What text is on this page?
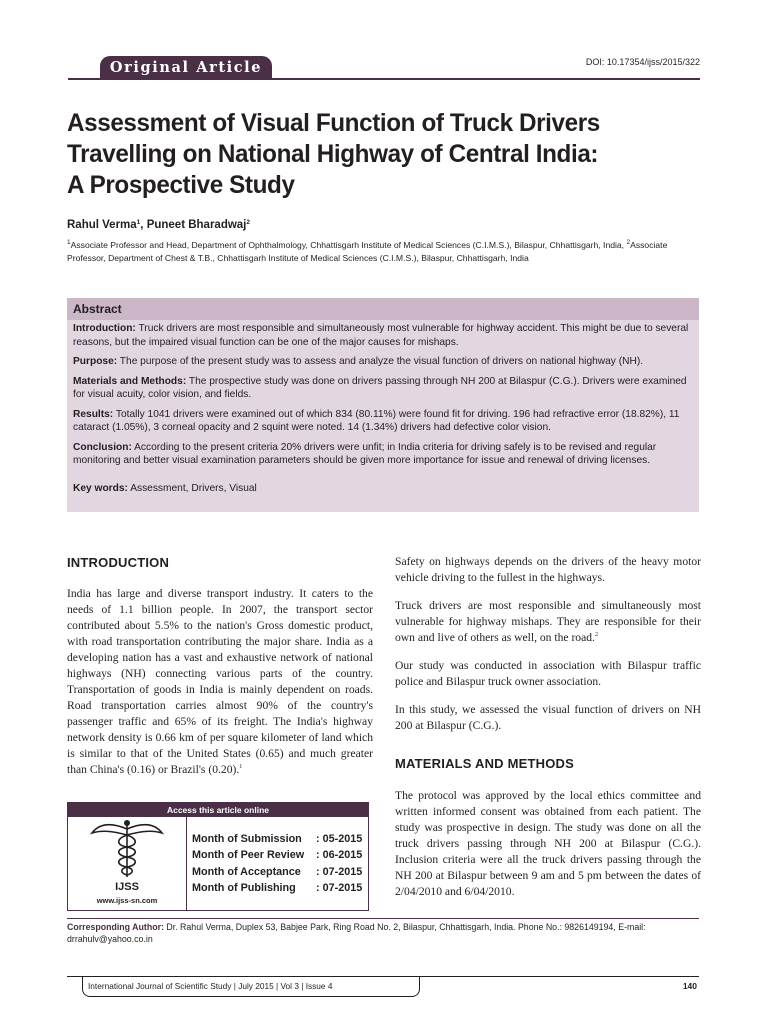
Original Article	DOI: 10.17354/ijss/2015/322
Assessment of Visual Function of Truck Drivers
Travelling on National Highway of Central India:
A Prospective Study
Rahul Verma$^1$, Puneet Bharadwaj$^2$
$^1$Associate Professor and Head, Department of Ophthalmology, Chhattisgarh Institute of Medical Sciences (C.I.M.S.), Bilaspur, Chhattisgarh, India, $^2$Associate Professor, Department of Chest & T.B., Chhattisgarh Institute of Medical Sciences (C.I.M.S.), Bilaspur, Chhattisgarh, India
Abstract

Introduction: Truck drivers are most responsible and simultaneously most vulnerable for highway accident. This might be due to several reasons, but the impaired visual function can be one of the major causes for mishaps.

Purpose: The purpose of the present study was to assess and analyze the visual function of drivers on national highway (NH).

Materials and Methods: The prospective study was done on drivers passing through NH 200 at Bilaspur (C.G.). Drivers were examined for visual acuity, color vision, and fields.

Results: Totally 1041 drivers were examined out of which 834 (80.11%) were found fit for driving. 196 had refractive error (18.82%), 11 cataract (1.05%), 3 corneal opacity and 2 squint were noted. 14 (1.34%) drivers had defective color vision.

Conclusion: According to the present criteria 20% drivers were unfit; in India criteria for driving safely is to be revised and regular monitoring and better visual examination parameters should be given more importance for issue and renewal of driving licenses.

Key words: Assessment, Drivers, Visual

INTRODUCTION

India has large and diverse transport industry. It caters to the needs of 1.1 billion people. In 2007, the transport sector contributed about 5.5% to the nation's Gross domestic product, with road transportation contributing the major share. India as a developing nation has a vast and exhaustive network of national highways (NH) connecting various parts of the country. Transportation of goods in India is mainly dependent on roads. Road transportation carries almost 90% of the country's passenger traffic and 65% of its freight. The India's highway network density is 0.66 km of per square kilometer of land which is similar to that of the United States (0.65) and much greater than China's (0.16) or Brazil's (0.20).$^1$

Access this article online
IJSS
www.ijss-sn.com
Month of Submission	: 05-2015
Month of Peer Review	: 06-2015
Month of Acceptance	: 07-2015
Month of Publishing	: 07-2015

Safety on highways depends on the drivers of the heavy motor vehicle driving to the fullest in the highways.

Truck drivers are most responsible and simultaneously most vulnerable for highway mishaps. They are responsible for their own and live of others as well, on the road.$^2$

Our study was conducted in association with Bilaspur traffic police and Bilaspur truck owner association.

In this study, we assessed the visual function of drivers on NH 200 at Bilaspur (C.G.).

MATERIALS AND METHODS

The protocol was approved by the local ethics committee and written informed consent was obtained from each patient. The study was prospective in design. The study was done on all the truck drivers passing through NH 200 at Bilaspur (C.G.). Inclusion criteria were all the truck drivers passing through the NH 200 at Bilaspur between 9 am and 5 pm between the dates of 2/04/2010 and 6/04/2010.

Corresponding Author: Dr. Rahul Verma, Duplex 53, Babjee Park, Ring Road No. 2, Bilaspur, Chhattisgarh, India. Phone No.: 9826149194, E-mail: drrahulv@yahoo.co.in
International Journal of Scientific Study | July 2015 | Vol 3 | Issue 4	140
